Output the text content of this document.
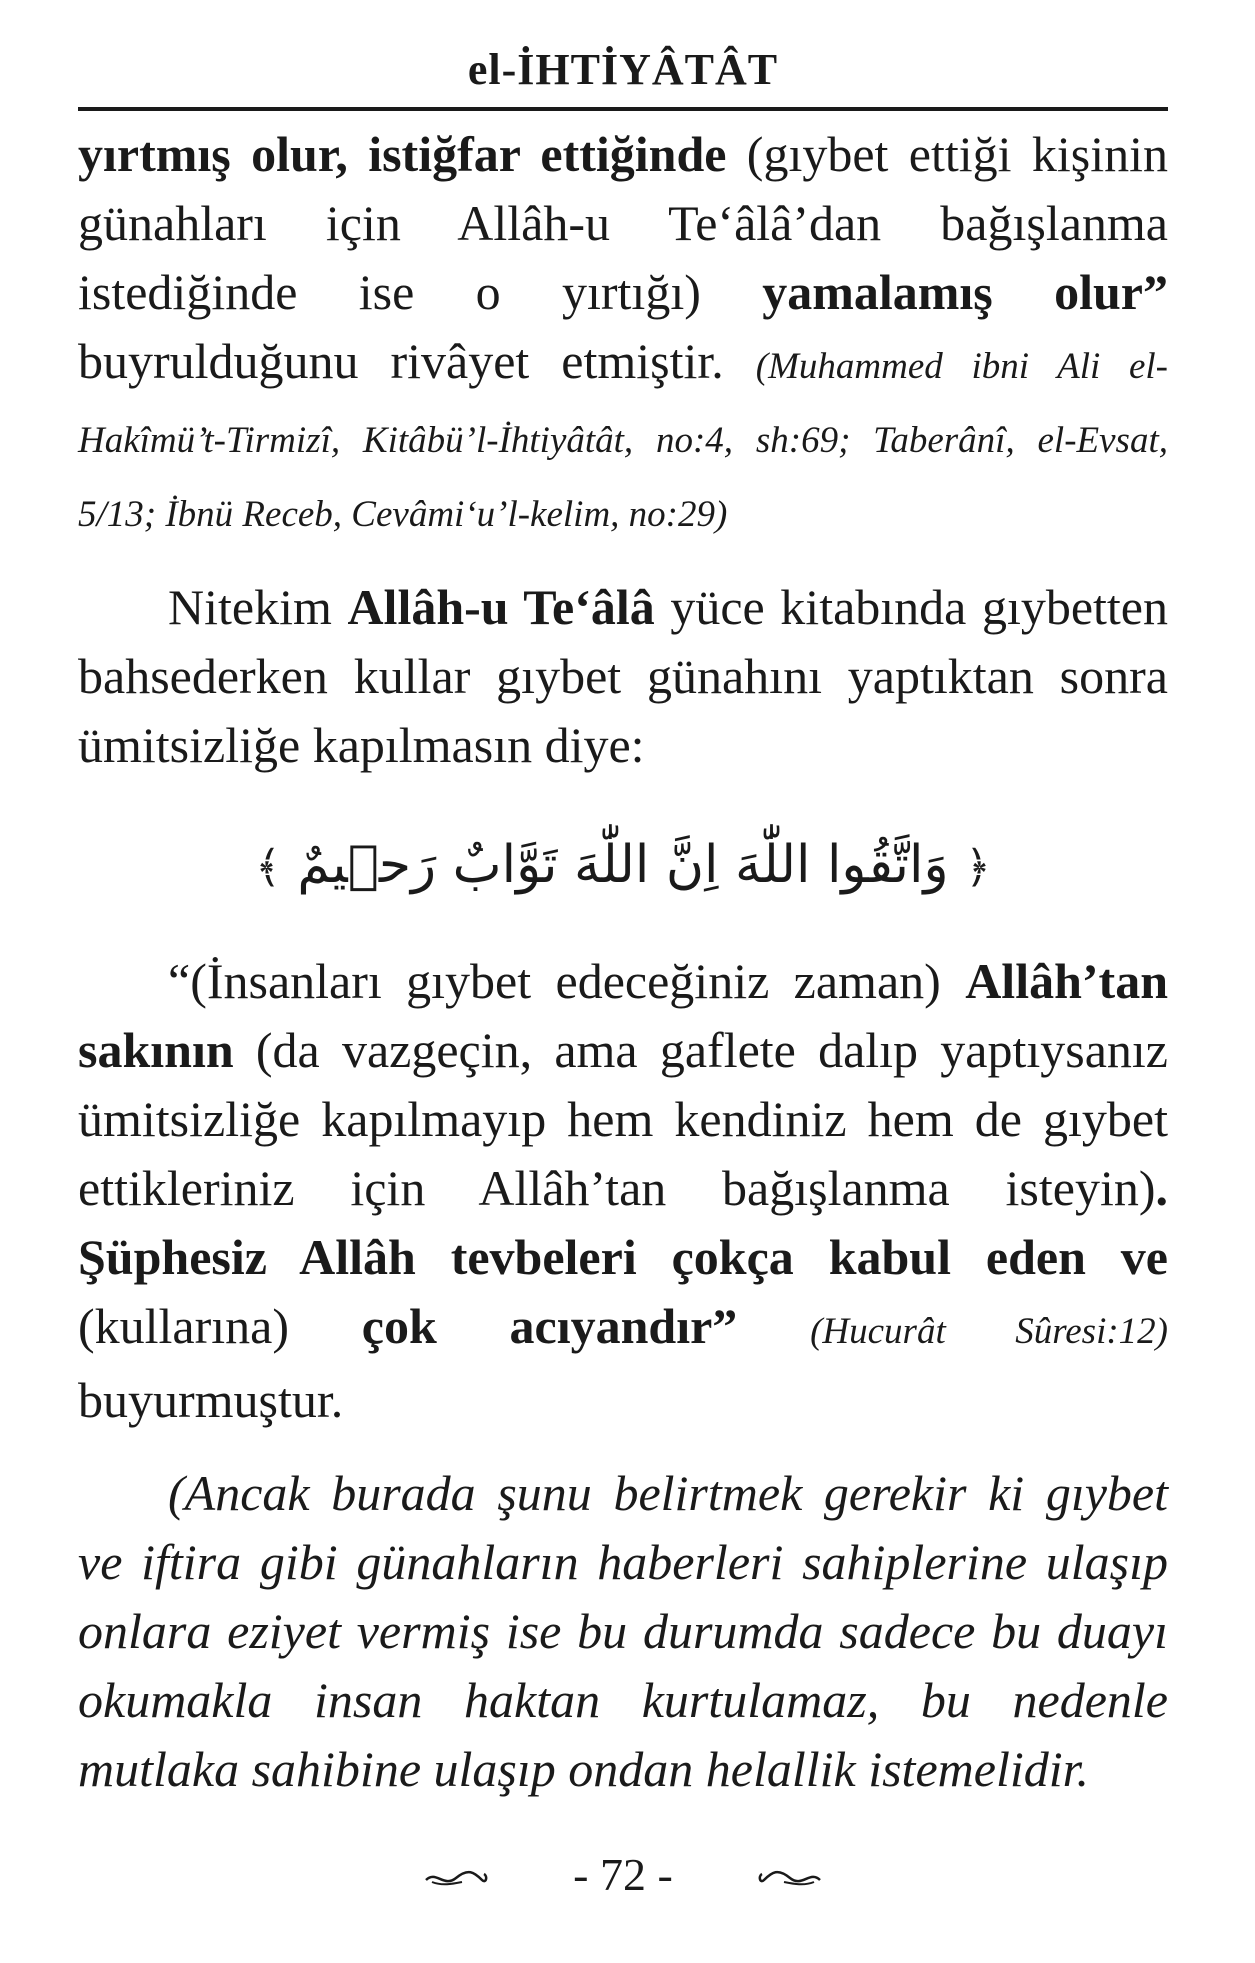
el-İHTİYÂTÂT

yırtmış olur, istiğfar ettiğinde (gıybet ettiği kişinin günahları için Allâh-u Te‘âlâ’dan bağışlanma istediğinde ise o yırtığı) yamalamış olur” buyrulduğunu rivâyet etmiştir. (Muhammed ibni Ali el-Hakîmü’t-Tirmizî, Kitâbü’l-İhtiyâtât, no:4, sh:69; Taberânî, el-Evsat, 5/13; İbnü Receb, Cevâmi‘u’l-kelim, no:29)

Nitekim Allâh-u Te‘âlâ yüce kitabında gıybetten bahsederken kullar gıybet günahını yaptıktan sonra ümitsizliğe kapılmasın diye:

﴿ وَاتَّقُوا اللّٰهَ اِنَّ اللّٰهَ تَوَّابٌ رَح۪يمٌ ﴾

“(İnsanları gıybet edeceğiniz zaman) Allâh’tan sakının (da vazgeçin, ama gaflete dalıp yaptıysanız ümitsizliğe kapılmayıp hem kendiniz hem de gıybet ettikleriniz için Allâh’tan bağışlanma isteyin). Şüphesiz Allâh tevbeleri çokça kabul eden ve (kullarına) çok acıyandır” (Hucurât Sûresi:12) buyurmuştur.

(Ancak burada şunu belirtmek gerekir ki gıybet ve iftira gibi günahların haberleri sahiplerine ulaşıp onlara eziyet vermiş ise bu durumda sadece bu duayı okumakla insan haktan kurtulamaz, bu nedenle mutlaka sahibine ulaşıp ondan helallik istemelidir.

- 72 -
